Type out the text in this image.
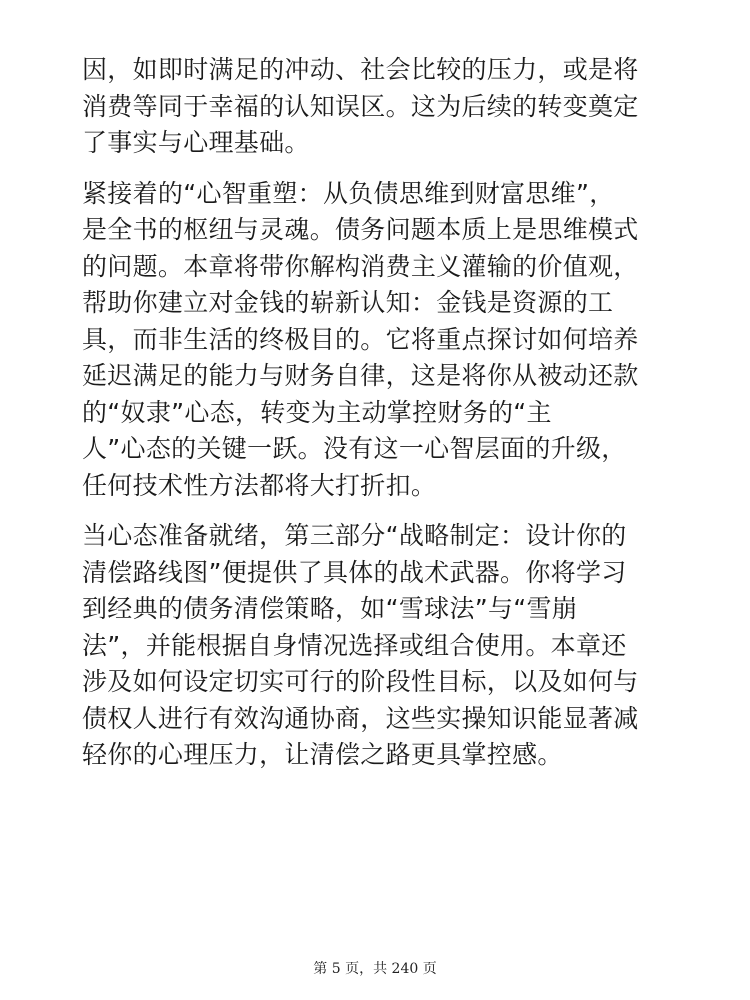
因，如即时满足的冲动、社会比较的压力，或是将
消费等同于幸福的认知误区。这为后续的转变奠定
了事实与心理基础。

紧接着的“心智重塑：从负债思维到财富思维”，
是全书的枢纽与灵魂。债务问题本质上是思维模式
的问题。本章将带你解构消费主义灌输的价值观，
帮助你建立对金钱的崭新认知：金钱是资源的工
具，而非生活的终极目的。它将重点探讨如何培养
延迟满足的能力与财务自律，这是将你从被动还款
的“奴隶”心态，转变为主动掌控财务的“主
人”心态的关键一跃。没有这一心智层面的升级，
任何技术性方法都将大打折扣。

当心态准备就绪，第三部分“战略制定：设计你的
清偿路线图”便提供了具体的战术武器。你将学习
到经典的债务清偿策略，如“雪球法”与“雪崩
法”，并能根据自身情况选择或组合使用。本章还
涉及如何设定切实可行的阶段性目标，以及如何与
债权人进行有效沟通协商，这些实操知识能显著减
轻你的心理压力，让清偿之路更具掌控感。

第 5 页，共 240 页
